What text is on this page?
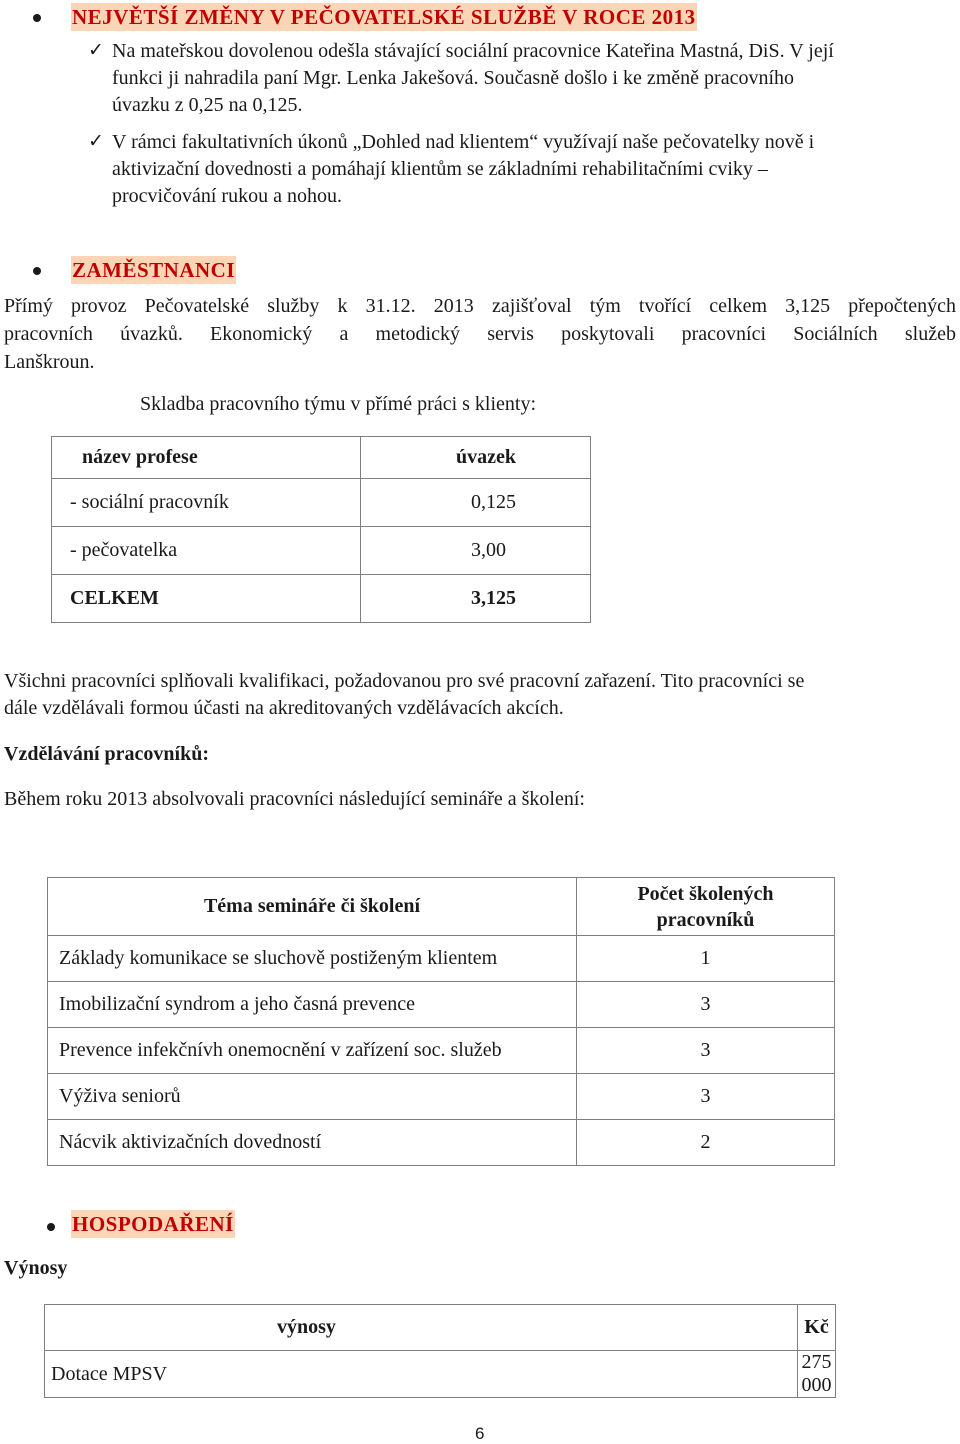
NEJVĚTŠÍ ZMĚNY V PEČOVATELSKÉ SLUŽBĚ V ROCE 2013
✓ Na mateřskou dovolenou odešla stávající sociální pracovnice Kateřina Mastná, DiS. V její
funkci ji nahradila paní Mgr. Lenka Jakešová. Současně došlo i ke změně pracovního
úvazku z 0,25 na 0,125.
✓ V rámci fakultativních úkonů „Dohled nad klientem“ využívají naše pečovatelky nově i
aktivizační dovednosti a pomáhají klientům se základními rehabilitačními cviky –
procvičování rukou a nohou.
ZAMĚSTNANCI
Přímý provoz Pečovatelské služby k 31.12. 2013 zajišťoval tým tvořící celkem 3,125 přepočtených
pracovních úvazků. Ekonomický a metodický servis poskytovali pracovníci Sociálních služeb
Lanškroun.
Skladba pracovního týmu v přímé práci s klienty:
název profese	úvazek
- sociální pracovník	0,125
- pečovatelka	3,00
CELKEM	3,125
Všichni pracovníci splňovali kvalifikaci, požadovanou pro své pracovní zařazení. Tito pracovníci se
dále vzdělávali formou účasti na akreditovaných vzdělávacích akcích.
Vzdělávání pracovníků:
Během roku 2013 absolvovali pracovníci následující semináře a školení:
Téma semináře či školení	Počet školených pracovníků
Základy komunikace se sluchově postiženým klientem	1
Imobilizační syndrom a jeho časná prevence	3
Prevence infekčnívh onemocnění v zařízení soc. služeb	3
Výživa seniorů	3
Nácvik aktivizačních dovedností	2
HOSPODAŘENÍ
Výnosy
výnosy	Kč
Dotace MPSV	275 000
6
